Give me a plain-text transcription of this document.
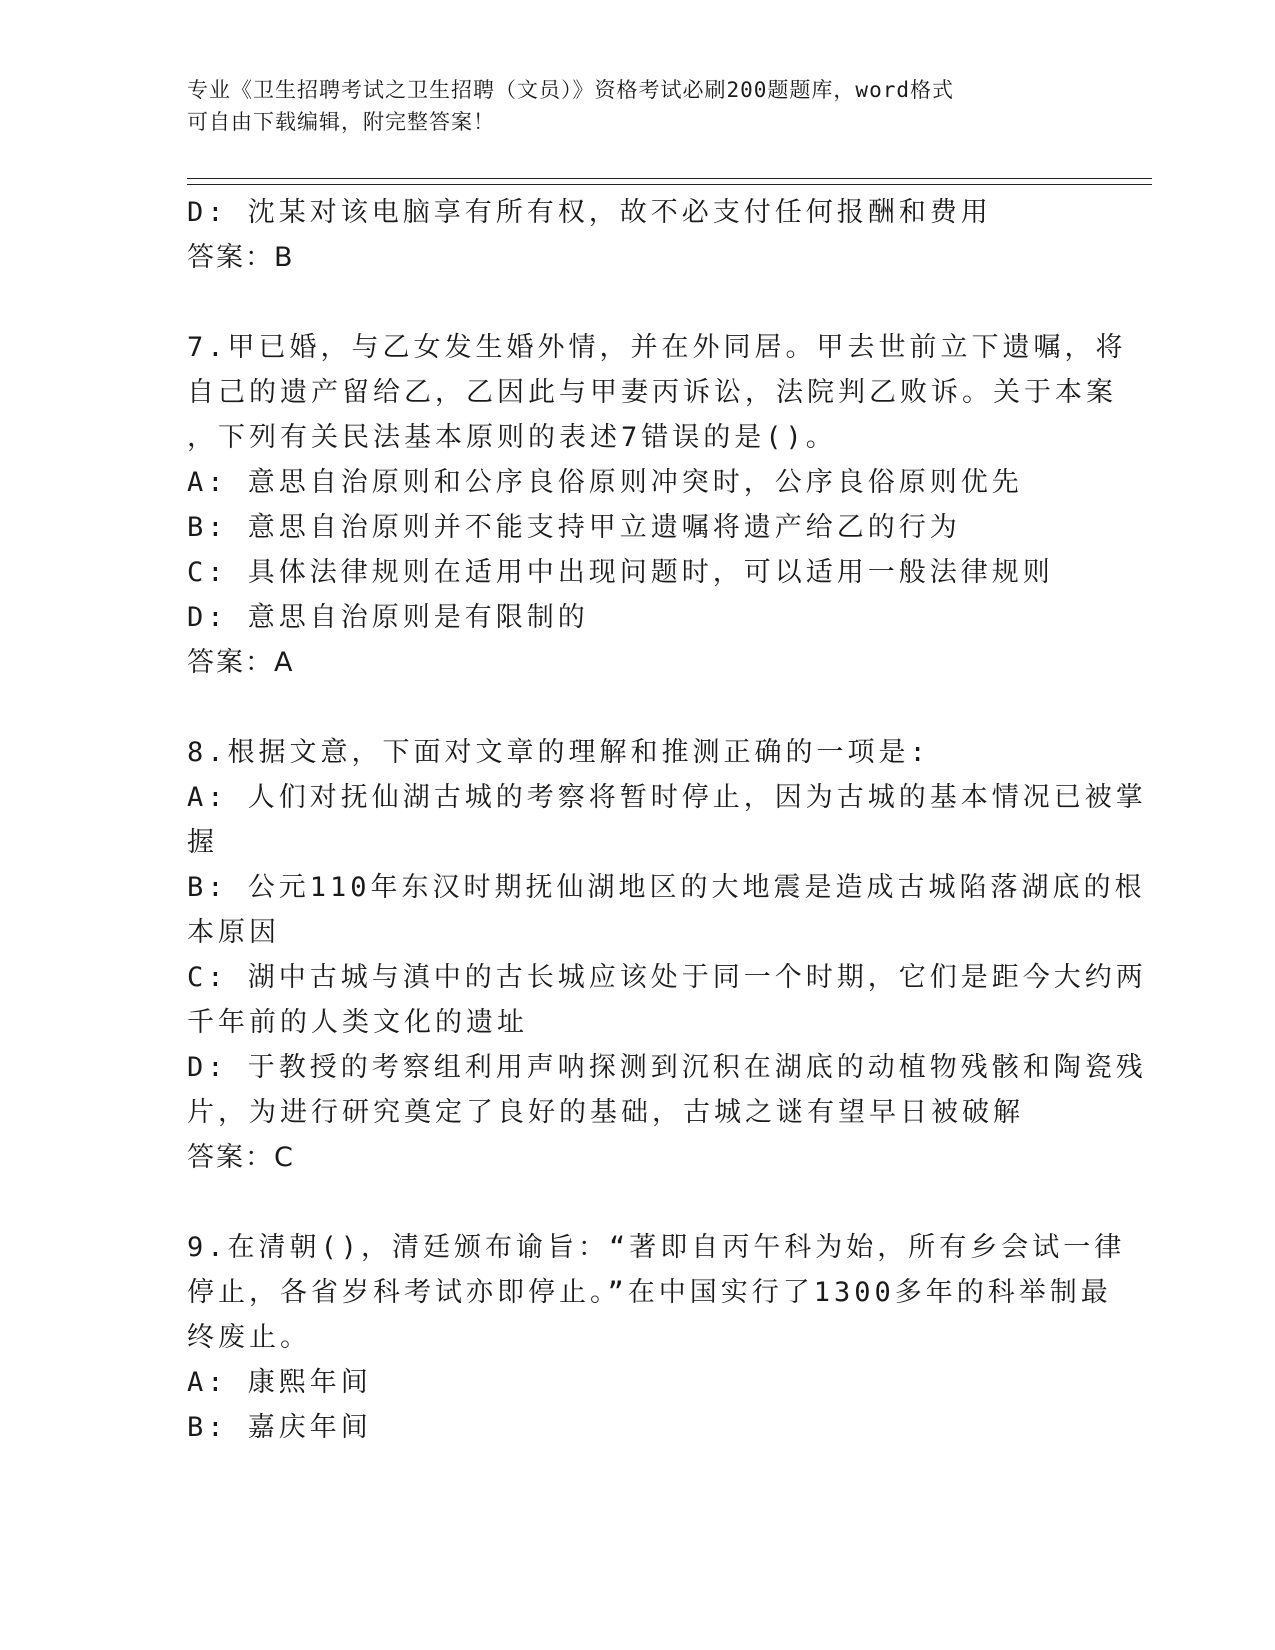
专业《卫生招聘考试之卫生招聘（文员）》资格考试必刷200题题库，word格式
可自由下载编辑，附完整答案！
D: 沈某对该电脑享有所有权，故不必支付任何报酬和费用
答案：B
7.甲已婚，与乙女发生婚外情，并在外同居。甲去世前立下遗嘱，将
自己的遗产留给乙，乙因此与甲妻丙诉讼，法院判乙败诉。关于本案
，下列有关民法基本原则的表述7错误的是()。
A: 意思自治原则和公序良俗原则冲突时，公序良俗原则优先
B: 意思自治原则并不能支持甲立遗嘱将遗产给乙的行为
C: 具体法律规则在适用中出现问题时，可以适用一般法律规则
D: 意思自治原则是有限制的
答案：A
8.根据文意，下面对文章的理解和推测正确的一项是:
A: 人们对抚仙湖古城的考察将暂时停止，因为古城的基本情况已被掌
握
B: 公元110年东汉时期抚仙湖地区的大地震是造成古城陷落湖底的根
本原因
C: 湖中古城与滇中的古长城应该处于同一个时期，它们是距今大约两
千年前的人类文化的遗址
D: 于教授的考察组利用声呐探测到沉积在湖底的动植物残骸和陶瓷残
片，为进行研究奠定了良好的基础，古城之谜有望早日被破解
答案：C
9.在清朝()，清廷颁布谕旨：“著即自丙午科为始，所有乡会试一律
停止，各省岁科考试亦即停止。”在中国实行了1300多年的科举制最
终废止。
A: 康熙年间
B: 嘉庆年间
